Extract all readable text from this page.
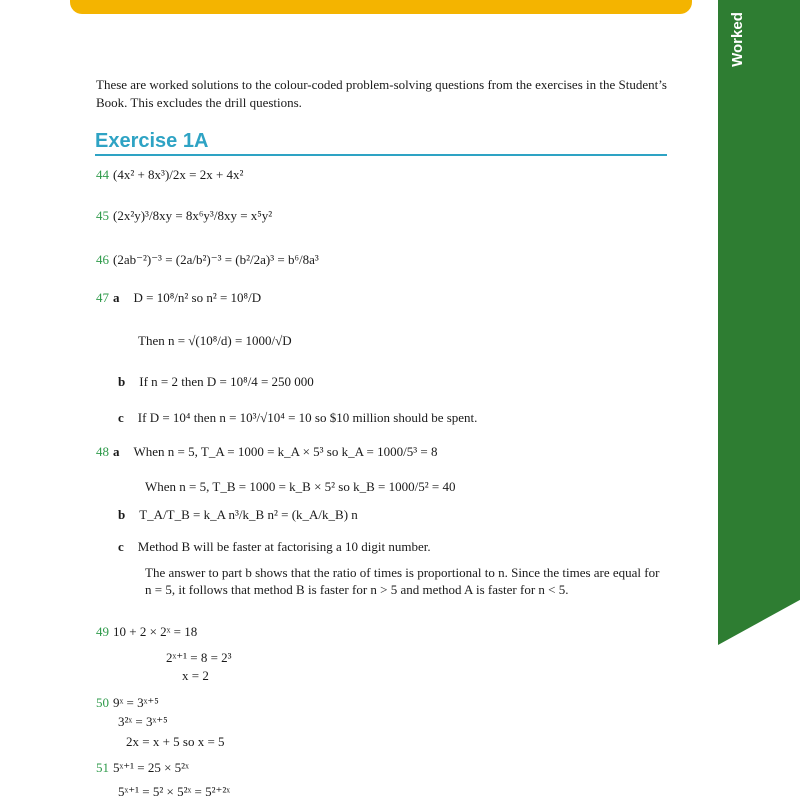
Worked
These are worked solutions to the colour-coded problem-solving questions from the exercises in the Student’s Book. This excludes the drill questions.
Exercise 1A
44 (4x² + 8x³)/2x = 2x + 4x²
45 (2x²y)³/8xy = 8x⁶y³/8xy = x⁵y²
46 (2ab⁻²)⁻³ = (2a/b²)⁻³ = (b²/2a)³ = b⁶/8a³
47 a D = 10⁸/n² so n² = 10⁸/D
Then n = √(10⁸/d) = 1000/√D
b If n = 2 then D = 10⁸/4 = 250 000
c If D = 10⁴ then n = 10³/√10⁴ = 10 so $10 million should be spent.
48 a When n = 5, T_A = 1000 = k_A × 5³ so k_A = 1000/5³ = 8
When n = 5, T_B = 1000 = k_B × 5² so k_B = 1000/5² = 40
b T_A/T_B = k_A n³/k_B n² = (k_A/k_B) n
c Method B will be faster at factorising a 10 digit number.
The answer to part b shows that the ratio of times is proportional to n. Since the times are equal for n = 5, it follows that method B is faster for n > 5 and method A is faster for n < 5.
49 10 + 2 × 2ˣ = 18
2ˣ⁺¹ = 8 = 2³
x = 2
50 9ˣ = 3ˣ⁺⁵
3²ˣ = 3ˣ⁺⁵
2x = x + 5 so x = 5
51 5ˣ⁺¹ = 25 × 5²ˣ
5ˣ⁺¹ = 5² × 5²ˣ = 5²⁺²ˣ
